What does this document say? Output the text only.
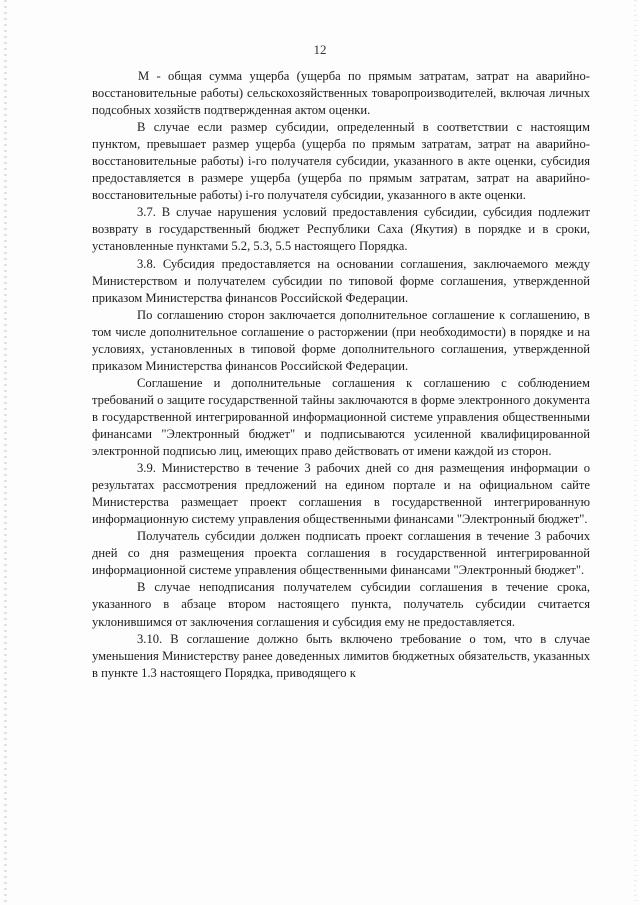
12

М - общая сумма ущерба (ущерба по прямым затратам, затрат на аварийно-восстановительные работы) сельскохозяйственных товаропроизводителей, включая личных подсобных хозяйств подтвержденная актом оценки.

В случае если размер субсидии, определенный в соответствии с настоящим пунктом, превышает размер ущерба (ущерба по прямым затратам, затрат на аварийно-восстановительные работы) i-го получателя субсидии, указанного в акте оценки, субсидия предоставляется в размере ущерба (ущерба по прямым затратам, затрат на аварийно-восстановительные работы) i-го получателя субсидии, указанного в акте оценки.

3.7. В случае нарушения условий предоставления субсидии, субсидия подлежит возврату в государственный бюджет Республики Саха (Якутия) в порядке и в сроки, установленные пунктами 5.2, 5.3, 5.5 настоящего Порядка.

3.8. Субсидия предоставляется на основании соглашения, заключаемого между Министерством и получателем субсидии по типовой форме соглашения, утвержденной приказом Министерства финансов Российской Федерации.

По соглашению сторон заключается дополнительное соглашение к соглашению, в том числе дополнительное соглашение о расторжении (при необходимости) в порядке и на условиях, установленных в типовой форме дополнительного соглашения, утвержденной приказом Министерства финансов Российской Федерации.

Соглашение и дополнительные соглашения к соглашению с соблюдением требований о защите государственной тайны заключаются в форме электронного документа в государственной интегрированной информационной системе управления общественными финансами "Электронный бюджет" и подписываются усиленной квалифицированной электронной подписью лиц, имеющих право действовать от имени каждой из сторон.

3.9. Министерство в течение 3 рабочих дней со дня размещения информации о результатах рассмотрения предложений на едином портале и на официальном сайте Министерства размещает проект соглашения в государственной интегрированную информационную систему управления общественными финансами "Электронный бюджет".

Получатель субсидии должен подписать проект соглашения в течение 3 рабочих дней со дня размещения проекта соглашения в государственной интегрированной информационной системе управления общественными финансами "Электронный бюджет".

В случае неподписания получателем субсидии соглашения в течение срока, указанного в абзаце втором настоящего пункта, получатель субсидии считается уклонившимся от заключения соглашения и субсидия ему не предоставляется.

3.10. В соглашение должно быть включено требование о том, что в случае уменьшения Министерству ранее доведенных лимитов бюджетных обязательств, указанных в пункте 1.3 настоящего Порядка, приводящего к
